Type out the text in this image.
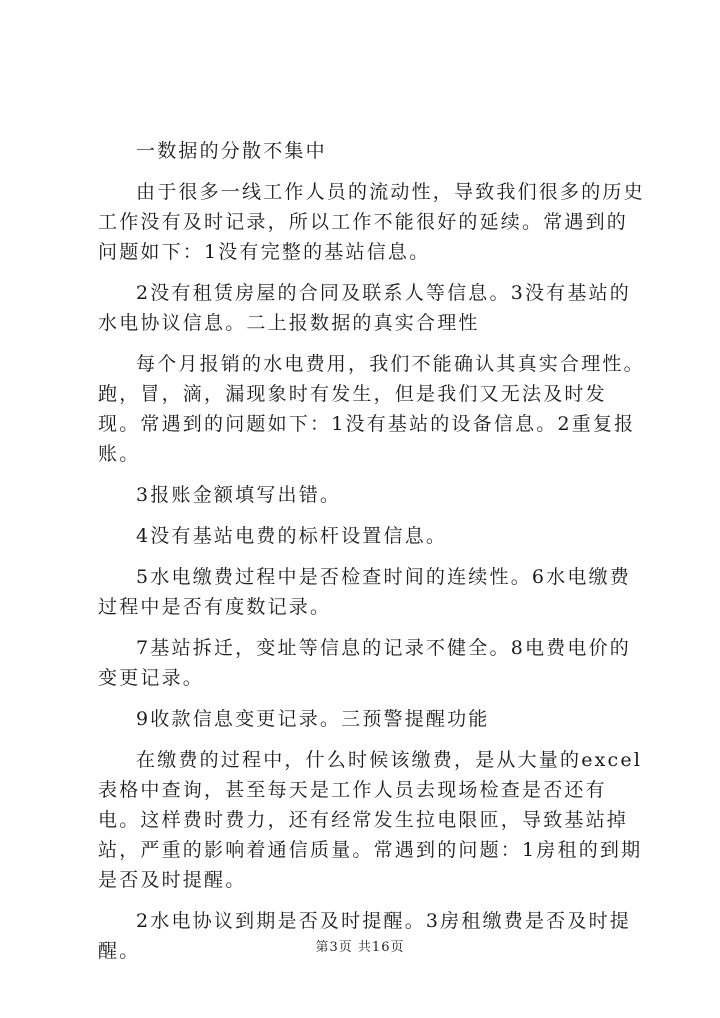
一数据的分散不集中

由于很多一线工作人员的流动性，导致我们很多的历史工作没有及时记录，所以工作不能很好的延续。常遇到的问题如下：1没有完整的基站信息。

2没有租赁房屋的合同及联系人等信息。3没有基站的水电协议信息。二上报数据的真实合理性

每个月报销的水电费用，我们不能确认其真实合理性。跑，冒，滴，漏现象时有发生，但是我们又无法及时发现。常遇到的问题如下：1没有基站的设备信息。2重复报账。

3报账金额填写出错。

4没有基站电费的标杆设置信息。

5水电缴费过程中是否检查时间的连续性。6水电缴费过程中是否有度数记录。

7基站拆迁，变址等信息的记录不健全。8电费电价的变更记录。

9收款信息变更记录。三预警提醒功能

在缴费的过程中，什么时候该缴费，是从大量的excel表格中查询，甚至每天是工作人员去现场检查是否还有电。这样费时费力，还有经常发生拉电限匝，导致基站掉站，严重的影响着通信质量。常遇到的问题：1房租的到期是否及时提醒。

2水电协议到期是否及时提醒。3房租缴费是否及时提醒。	第3页 共16页
